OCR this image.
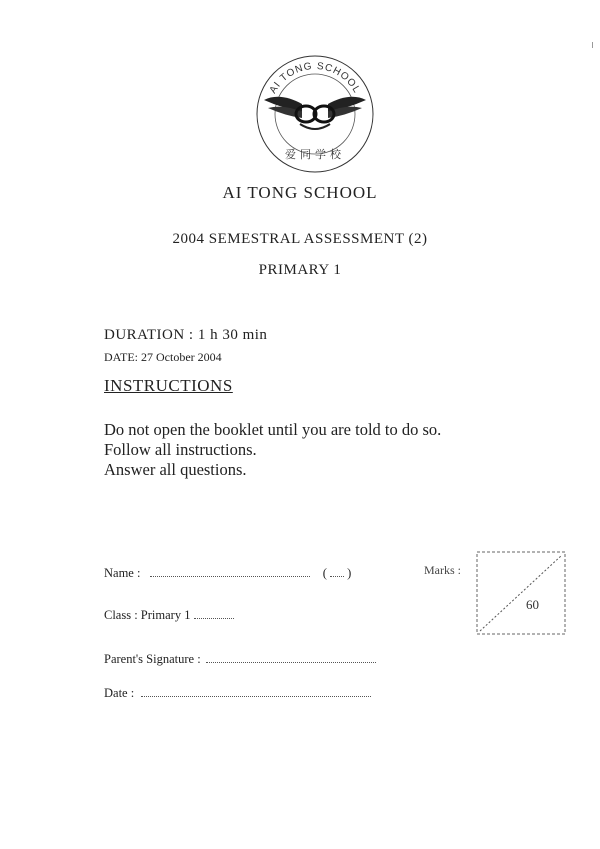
AI TONG SCHOOL
爱同学校
AI TONG SCHOOL
2004 SEMESTRAL ASSESSMENT (2)
PRIMARY 1
DURATION : 1 h 30 min
DATE: 27 October 2004
INSTRUCTIONS
Do not open the booklet until you are told to do so.
Follow all instructions.
Answer all questions.
Name :	( )
Class : Primary 1
Parent's Signature :
Date :
Marks :
60
